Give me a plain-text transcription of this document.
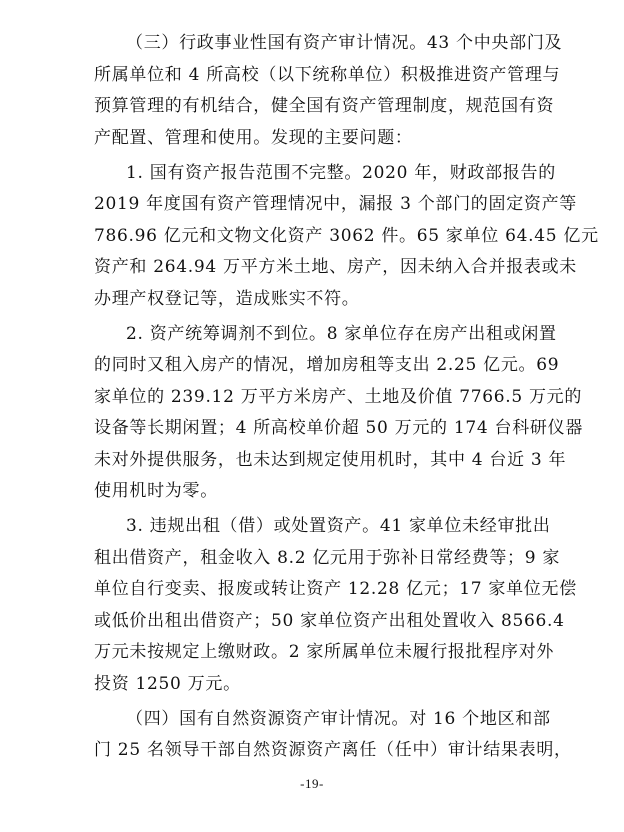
-19-
（三）行政事业性国有资产审计情况。43 个中央部门及
所属单位和 4 所高校（以下统称单位）积极推进资产管理与
预算管理的有机结合，健全国有资产管理制度，规范国有资
产配置、管理和使用。发现的主要问题：
1. 国有资产报告范围不完整。2020 年，财政部报告的
2019 年度国有资产管理情况中，漏报 3 个部门的固定资产等
786.96 亿元和文物文化资产 3062 件。65 家单位 64.45 亿元
资产和 264.94 万平方米土地、房产，因未纳入合并报表或未
办理产权登记等，造成账实不符。
2. 资产统筹调剂不到位。8 家单位存在房产出租或闲置
的同时又租入房产的情况，增加房租等支出 2.25 亿元。69
家单位的 239.12 万平方米房产、土地及价值 7766.5 万元的
设备等长期闲置；4 所高校单价超 50 万元的 174 台科研仪器
未对外提供服务，也未达到规定使用机时，其中 4 台近 3 年
使用机时为零。
3. 违规出租（借）或处置资产。41 家单位未经审批出
租出借资产，租金收入 8.2 亿元用于弥补日常经费等；9 家
单位自行变卖、报废或转让资产 12.28 亿元；17 家单位无偿
或低价出租出借资产；50 家单位资产出租处置收入 8566.4
万元未按规定上缴财政。2 家所属单位未履行报批程序对外
投资 1250 万元。
（四）国有自然资源资产审计情况。对 16 个地区和部
门 25 名领导干部自然资源资产离任（任中）审计结果表明，
